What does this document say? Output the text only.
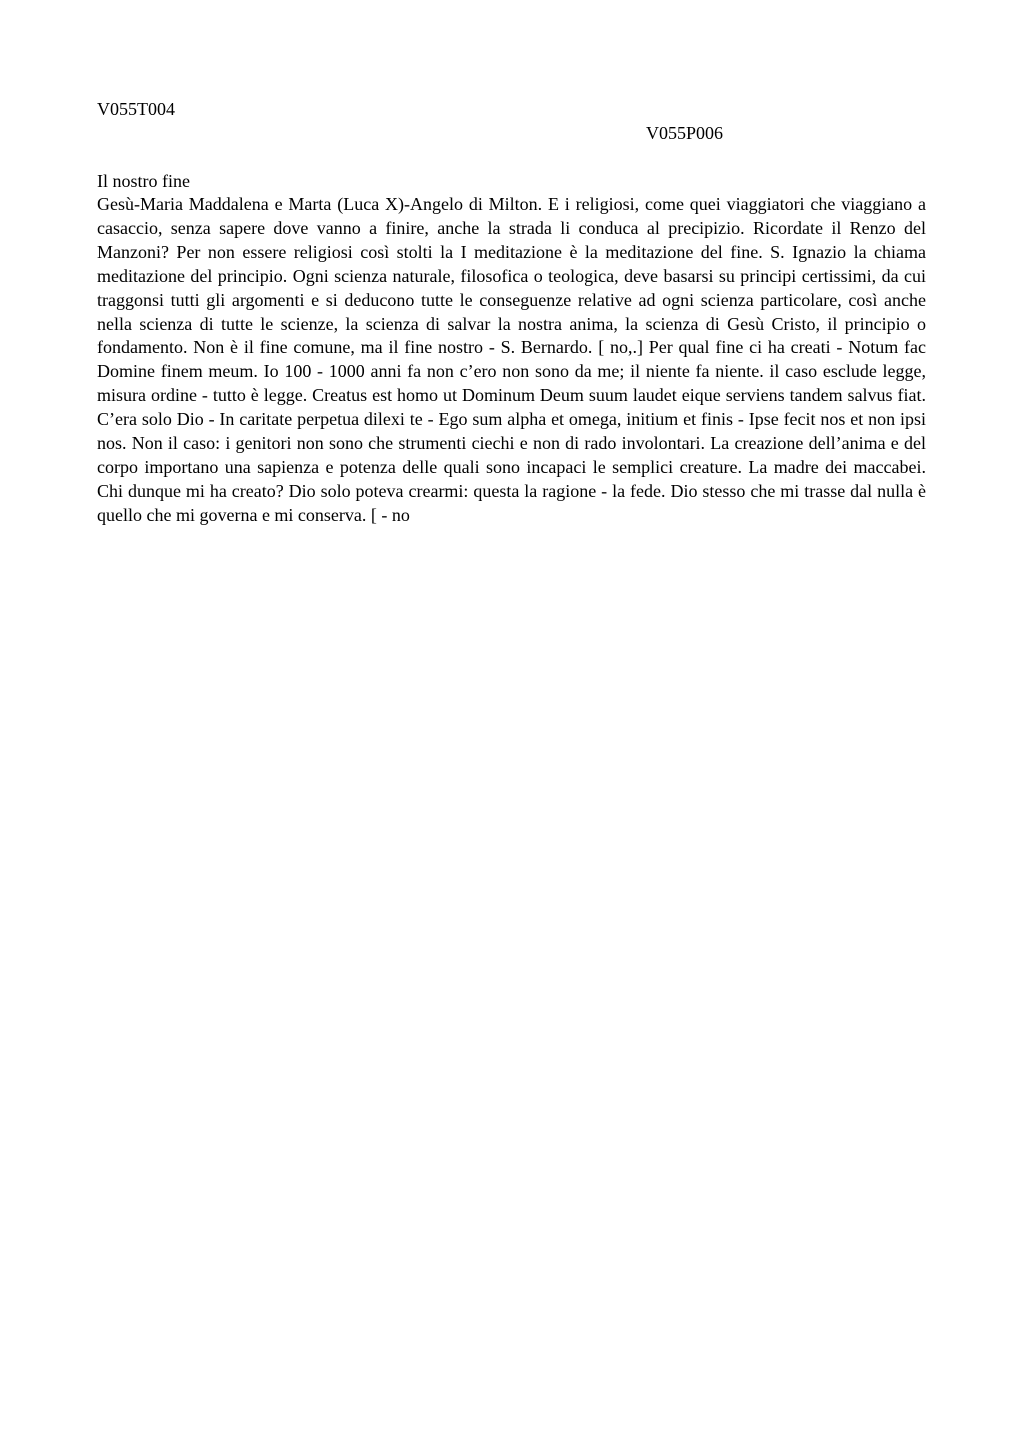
V055T004

V055P006

Il nostro fine

Gesù-Maria Maddalena e Marta (Luca X)-Angelo di Milton. E i religiosi, come quei viaggiatori che viaggiano a casaccio, senza sapere dove vanno a finire, anche la strada li conduca al precipizio. Ricordate il Renzo del Manzoni? Per non essere religiosi così stolti la I meditazione è la meditazione del fine. S. Ignazio la chiama meditazione del principio. Ogni scienza naturale, filosofica o teologica, deve basarsi su principi certissimi, da cui traggonsi tutti gli argomenti e si deducono tutte le conseguenze relative ad ogni scienza particolare, così anche nella scienza di tutte le scienze, la scienza di salvar la nostra anima, la scienza di Gesù Cristo, il principio o fondamento. Non è il fine comune, ma il fine nostro - S. Bernardo. [ no,.] Per qual fine ci ha creati - Notum fac Domine finem meum. Io 100 - 1000 anni fa non c’ero non sono da me; il niente fa niente. il caso esclude legge, misura ordine - tutto è legge. Creatus est homo ut Dominum Deum suum laudet eique serviens tandem salvus fiat. C’era solo Dio - In caritate perpetua dilexi te - Ego sum alpha et omega, initium et finis - Ipse fecit nos et non ipsi nos. Non il caso: i genitori non sono che strumenti ciechi e non di rado involontari. La creazione dell’anima e del corpo importano una sapienza e potenza delle quali sono incapaci le semplici creature. La madre dei maccabei. Chi dunque mi ha creato? Dio solo poteva crearmi: questa la ragione - la fede. Dio stesso che mi trasse dal nulla è quello che mi governa e mi conserva. [ - no
